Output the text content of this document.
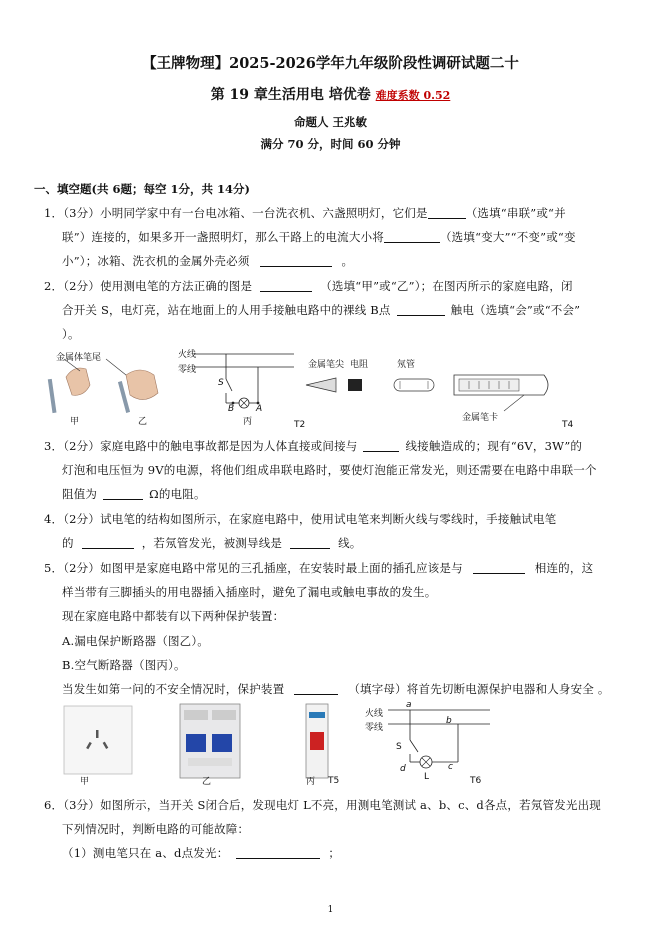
【王牌物理】2025-2026学年九年级阶段性调研试题二十
第 19 章生活用电 培优卷 难度系数 0.52
命题人 王兆敏
满分 70 分，时间 60 分钟
一、填空题(共 6题；每空 1分，共 14分)
1．（3分）小明同学家中有一台电冰箱、一台洗衣机、六盏照明灯，它们是	（选填“串联”或“并
联”）连接的，如果多开一盏照明灯，那么干路上的电流大小将	（选填“变大”“不变”或“变
小”）；冰箱、洗衣机的金属外壳必须	。
2．（2分）使用测电笔的方法正确的图是	（选填“甲”或“乙”）；在图丙所示的家庭电路，闭
合开关 S，电灯亮，站在地面上的人用手接触电路中的裸线 B点	触电（选填“会”或“不会”
）。
金属体笔尾
甲	乙	丙
火线
零线
S
B A
T2
金属笔尖 电阻	氖管
金属笔卡
T4
3．（2分）家庭电路中的触电事故都是因为人体直接或间接与	线接触造成的；现有“6V，3W”的
灯泡和电压恒为 9V的电源，将他们组成串联电路时，要使灯泡能正常发光，则还需要在电路中串联一个
阻值为	Ω的电阻。
4．（2分）试电笔的结构如图所示，在家庭电路中，使用试电笔来判断火线与零线时，手接触试电笔
的	，若氖管发光，被测导线是	线。
5．（2分）如图甲是家庭电路中常见的三孔插座，在安装时最上面的插孔应该是与	相连的，这
样当带有三脚插头的用电器插入插座时，避免了漏电或触电事故的发生。
现在家庭电路中都装有以下两种保护装置：
A.漏电保护断路器（图乙）。
B.空气断路器（图丙）。
当发生如第一问的不安全情况时，保护装置	（填字母）将首先切断电源保护电器和人身安全 。
甲	乙	丙 T5
火线
零线
a
b
c
d
S
L	T6
6．（3分）如图所示，当开关 S闭合后，发现电灯 L不亮，用测电笔测试 a、b、c、d各点，若氖管发光出现
下列情况时，判断电路的可能故障：
（1）测电笔只在 a、d点发光：	；
1
